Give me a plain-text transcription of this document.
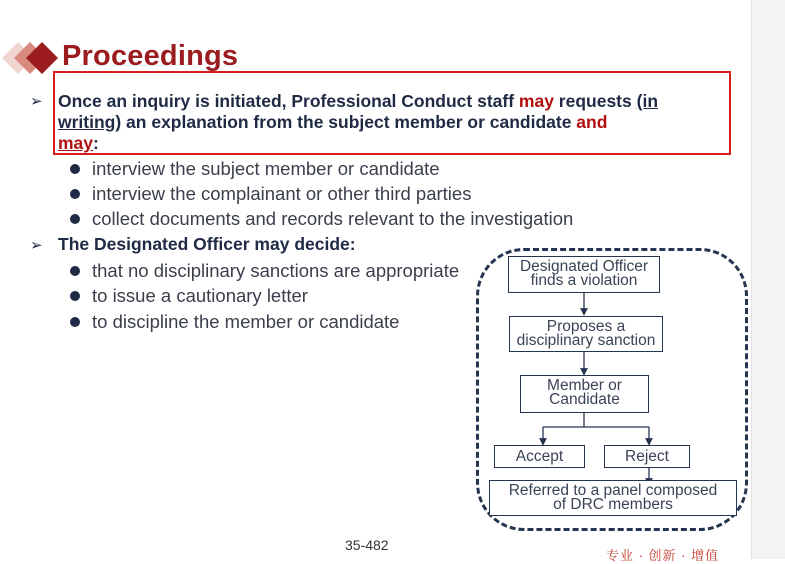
Proceedings
➢ Once an inquiry is initiated, Professional Conduct staff may requests (in
writing) an explanation from the subject member or candidate and
may:
interview the subject member or candidate
interview the complainant or other third parties
collect documents and records relevant to the investigation
➢ The Designated Officer may decide:
that no disciplinary sanctions are appropriate
to issue a cautionary letter
to discipline the member or candidate
Designated Officer
finds a violation
Proposes a
disciplinary sanction
Member or
Candidate
Accept	Reject
Referred to a panel composed
of DRC members
35-482
专业 · 创新 · 增值
